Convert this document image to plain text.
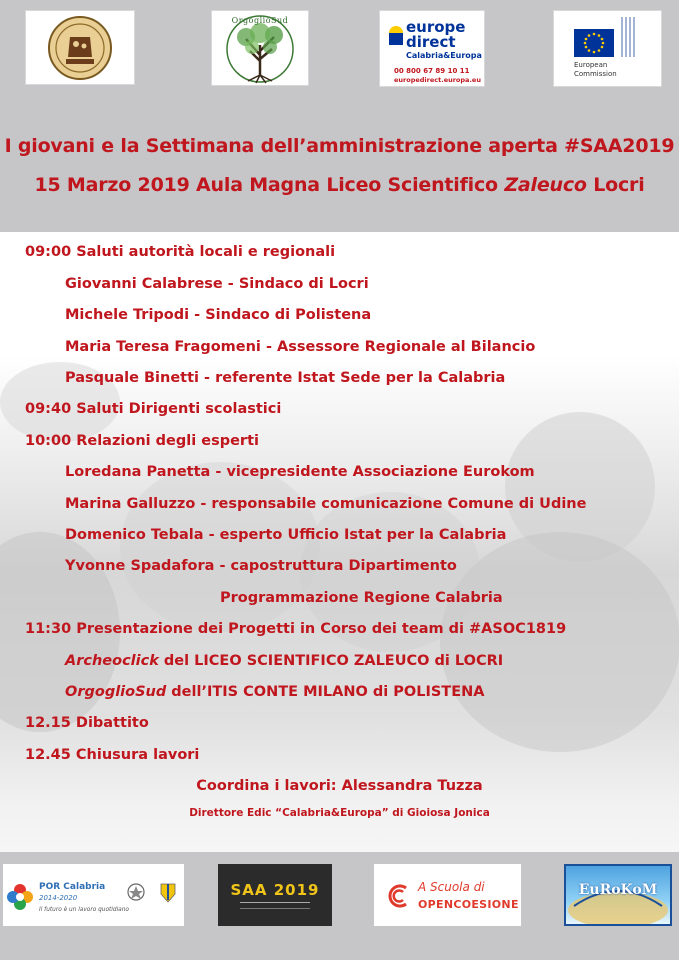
OrgoglioSud	europe
direct
Calabria&Europa
00 800 67 89 10 11
europedirect.europa.eu
European
Commission
I giovani e la Settimana dell’amministrazione aperta #SAA2019
15 Marzo 2019 Aula Magna Liceo Scientifico Zaleuco Locri
09:00 Saluti autorità locali e regionali
Giovanni Calabrese - Sindaco di Locri
Michele Tripodi - Sindaco di Polistena
Maria Teresa Fragomeni - Assessore Regionale al Bilancio
Pasquale Binetti - referente Istat Sede per la Calabria
09:40 Saluti Dirigenti scolastici
10:00 Relazioni degli esperti
Loredana Panetta - vicepresidente Associazione Eurokom
Marina Galluzzo - responsabile comunicazione Comune di Udine
Domenico Tebala - esperto Ufficio Istat per la Calabria
Yvonne Spadafora - capostruttura Dipartimento
Programmazione Regione Calabria
11:30 Presentazione dei Progetti in Corso dei team di #ASOC1819
Archeoclick del LICEO SCIENTIFICO ZALEUCO di LOCRI
OrgoglioSud dell’ITIS CONTE MILANO di POLISTENA
12.15 Dibattito
12.45 Chiusura lavori
Coordina i lavori: Alessandra Tuzza
Direttore Edic “Calabria&Europa” di Gioiosa Jonica
POR Calabria
2014-2020
Il futuro è un lavoro quotidiano
SAA 2019	A Scuola di
OPENCOESIONE
EuRoKoM
